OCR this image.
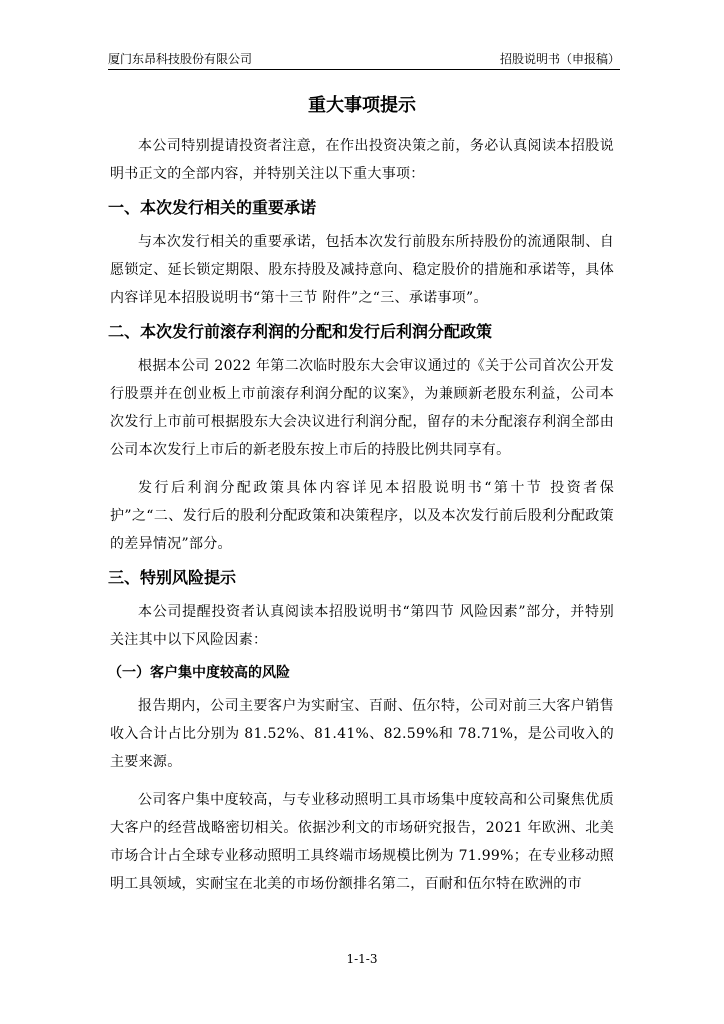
厦门东昂科技股份有限公司	招股说明书（申报稿）
重大事项提示

本公司特别提请投资者注意，在作出投资决策之前，务必认真阅读本招股说明书正文的全部内容，并特别关注以下重大事项：

一、本次发行相关的重要承诺

与本次发行相关的重要承诺，包括本次发行前股东所持股份的流通限制、自愿锁定、延长锁定期限、股东持股及减持意向、稳定股价的措施和承诺等，具体内容详见本招股说明书“第十三节 附件”之“三、承诺事项”。

二、本次发行前滚存利润的分配和发行后利润分配政策

根据本公司 2022 年第二次临时股东大会审议通过的《关于公司首次公开发行股票并在创业板上市前滚存利润分配的议案》，为兼顾新老股东利益，公司本次发行上市前可根据股东大会决议进行利润分配，留存的未分配滚存利润全部由公司本次发行上市后的新老股东按上市后的持股比例共同享有。

发行后利润分配政策具体内容详见本招股说明书“第十节 投资者保护”之“二、发行后的股利分配政策和决策程序，以及本次发行前后股利分配政策的差异情况”部分。

三、特别风险提示

本公司提醒投资者认真阅读本招股说明书“第四节 风险因素”部分，并特别关注其中以下风险因素：

（一）客户集中度较高的风险

报告期内，公司主要客户为实耐宝、百耐、伍尔特，公司对前三大客户销售收入合计占比分别为 81.52%、81.41%、82.59%和 78.71%，是公司收入的主要来源。

公司客户集中度较高，与专业移动照明工具市场集中度较高和公司聚焦优质大客户的经营战略密切相关。依据沙利文的市场研究报告，2021 年欧洲、北美市场合计占全球专业移动照明工具终端市场规模比例为 71.99%；在专业移动照明工具领域，实耐宝在北美的市场份额排名第二，百耐和伍尔特在欧洲的市

1-1-3
